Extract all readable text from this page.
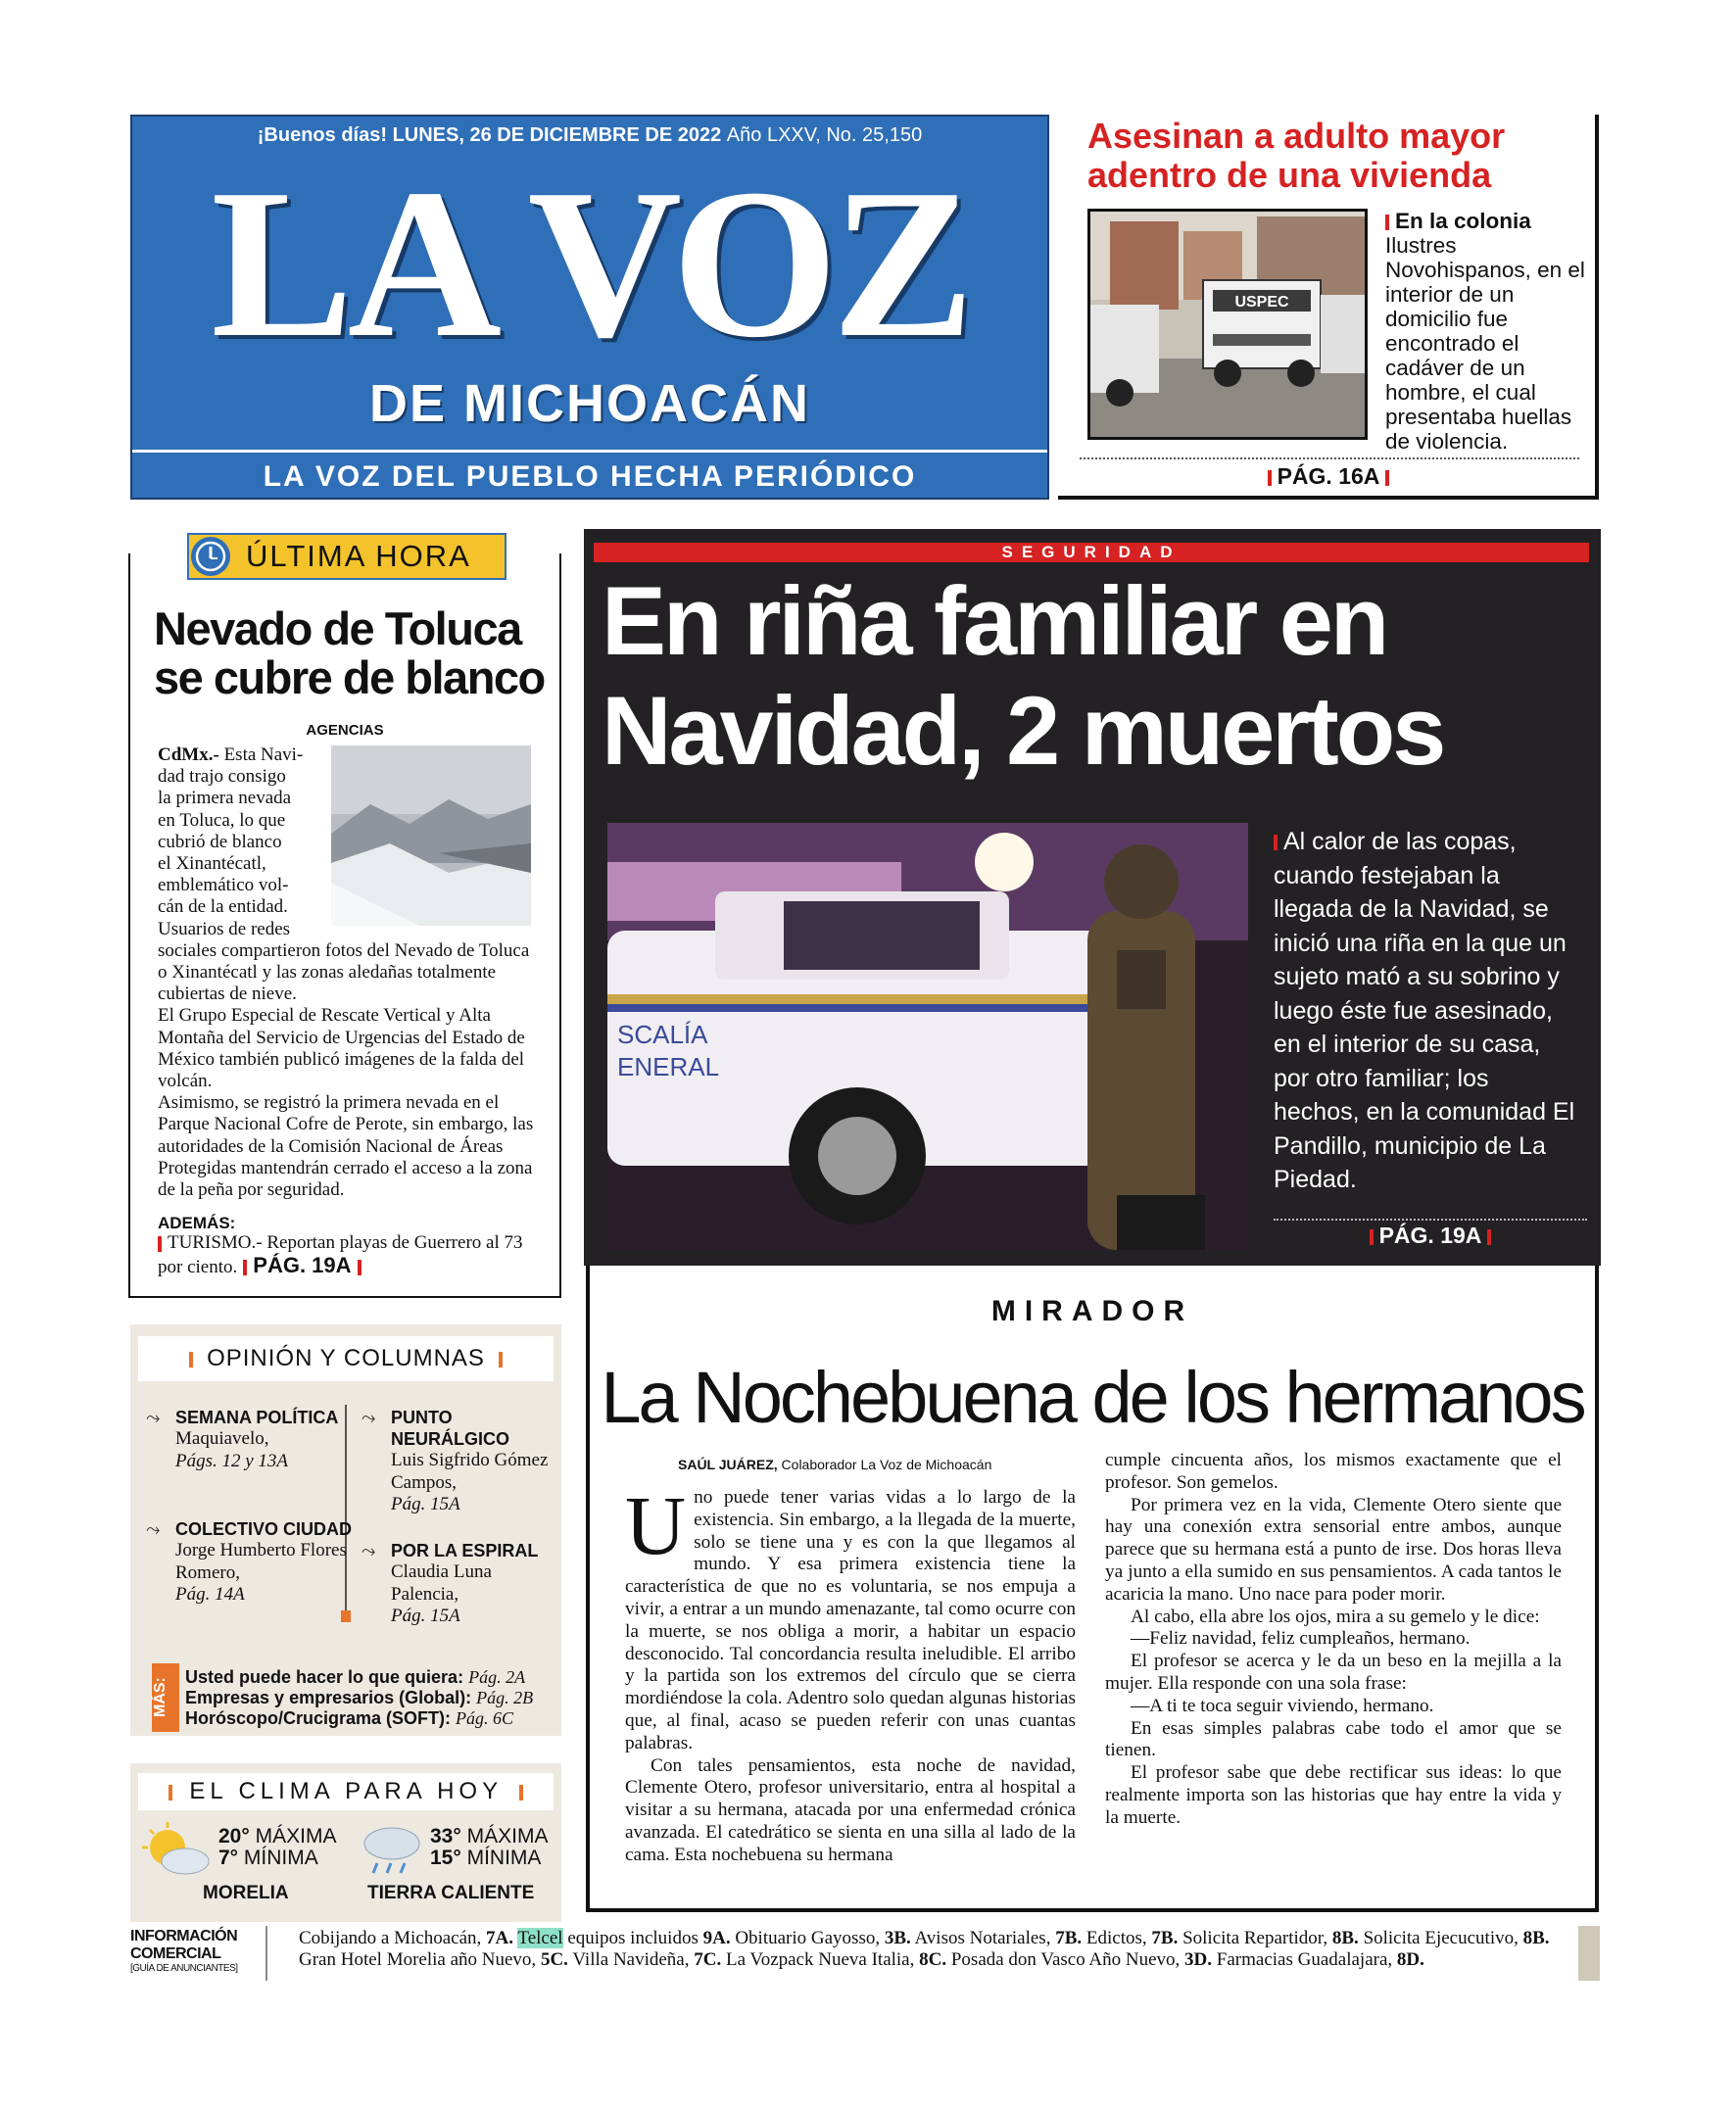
¡Buenos días! LUNES, 26 DE DICIEMBRE DE 2022 Año LXXV, No. 25,150
LA VOZ
DE MICHOACÁN
LA VOZ DEL PUEBLO HECHA PERIÓDICO
Asesinan a adulto mayor adentro de una vivienda
USPEC
En la colonia Ilustres Novohispanos, en el interior de un domicilio fue encontrado el cadáver de un hombre, el cual presentaba huellas de violencia.
PÁG. 16A
ÚLTIMA HORA
Nevado de Toluca se cubre de blanco
AGENCIAS
CdMx.- Esta Navi-
dad trajo consigo
la primera nevada
en Toluca, lo que
cubrió de blanco
el Xinantécatl,
emblemático vol-
cán de la entidad.
Usuarios de redes

sociales compartieron fotos del Nevado de Toluca o Xinantécatl y las zonas aledañas totalmente cubiertas de nieve.

El Grupo Especial de Rescate Vertical y Alta Montaña del Servicio de Urgencias del Estado de México también publicó imágenes de la falda del volcán.

Asimismo, se registró la primera nevada en el Parque Nacional Cofre de Perote, sin embargo, las autoridades de la Comisión Nacional de Áreas Protegidas mantendrán cerrado el acceso a la zona de la peña por seguridad.

ADEMÁS:
TURISMO.- Reportan playas de Guerrero al 73 por ciento. PÁG. 19A
OPINIÓN Y COLUMNAS
⤳ SEMANA POLÍTICA
Maquiavelo,
Págs. 12 y 13A
⤳ COLECTIVO CIUDAD
Jorge Humberto Flores Romero,
Pág. 14A
⤳ PUNTO NEURÁLGICO
Luis Sigfrido Gómez Campos,
Pág. 15A
⤳ POR LA ESPIRAL
Claudia Luna Palencia,
Pág. 15A
MÁS:
Usted puede hacer lo que quiera: Pág. 2A
Empresas y empresarios (Global): Pág. 2B
Horóscopo/Crucigrama (SOFT): Pág. 6C
EL CLIMA PARA HOY
20° MÁXIMA
7° MÍNIMA
MORELIA
33° MÁXIMA
15° MÍNIMA
TIERRA CALIENTE
SEGURIDAD
En riña familiar en
Navidad, 2 muertos
SCALÍA
ENERAL
Al calor de las copas, cuando festejaban la llegada de la Navidad, se inició una riña en la que un sujeto mató a su sobrino y luego éste fue asesinado, en el interior de su casa, por otro familiar; los hechos, en la comunidad El Pandillo, municipio de La Piedad.
PÁG. 19A
MIRADOR
La Nochebuena de los hermanos
SAÚL JUÁREZ, Colaborador La Voz de Michoacán

Uno puede tener varias vidas a lo largo de la existencia. Sin embargo, a la llegada de la muerte, solo se tiene una y es con la que llegamos al mundo. Y esa primera existencia tiene la característica de que no es voluntaria, se nos empuja a vivir, a entrar a un mundo amenazante, tal como ocurre con la muerte, se nos obliga a morir, a habitar un espacio desconocido. Tal concordancia resulta ineludible. El arribo y la partida son los extremos del círculo que se cierra mordiéndose la cola. Adentro solo quedan algunas historias que, al final, acaso se pueden referir con unas cuantas palabras.

Con tales pensamientos, esta noche de navidad, Clemente Otero, profesor universitario, entra al hospital a visitar a su hermana, atacada por una enfermedad crónica avanzada. El catedrático se sienta en una silla al lado de la cama. Esta nochebuena su hermana

cumple cincuenta años, los mismos exactamente que el profesor. Son gemelos.

Por primera vez en la vida, Clemente Otero siente que hay una conexión extra sensorial entre ambos, aunque parece que su hermana está a punto de irse. Dos horas lleva ya junto a ella sumido en sus pensamientos. A cada tantos le acaricia la mano. Uno nace para poder morir.

Al cabo, ella abre los ojos, mira a su gemelo y le dice:

—Feliz navidad, feliz cumpleaños, hermano.

El profesor se acerca y le da un beso en la mejilla a la mujer. Ella responde con una sola frase:

—A ti te toca seguir viviendo, hermano.

En esas simples palabras cabe todo el amor que se tienen.

El profesor sabe que debe rectificar sus ideas: lo que realmente importa son las historias que hay entre la vida y la muerte.

INFORMACIÓN
COMERCIAL
[GUÍA DE ANUNCIANTES]
Cobijando a Michoacán, 7A. Telcel equipos incluidos 9A. Obituario Gayosso, 3B. Avisos Notariales, 7B. Edictos, 7B. Solicita Repartidor, 8B. Solicita Ejecucutivo, 8B. Gran Hotel Morelia año Nuevo, 5C. Villa Navideña, 7C. La Vozpack Nueva Italia, 8C. Posada don Vasco Año Nuevo, 3D. Farmacias Guadalajara, 8D.
